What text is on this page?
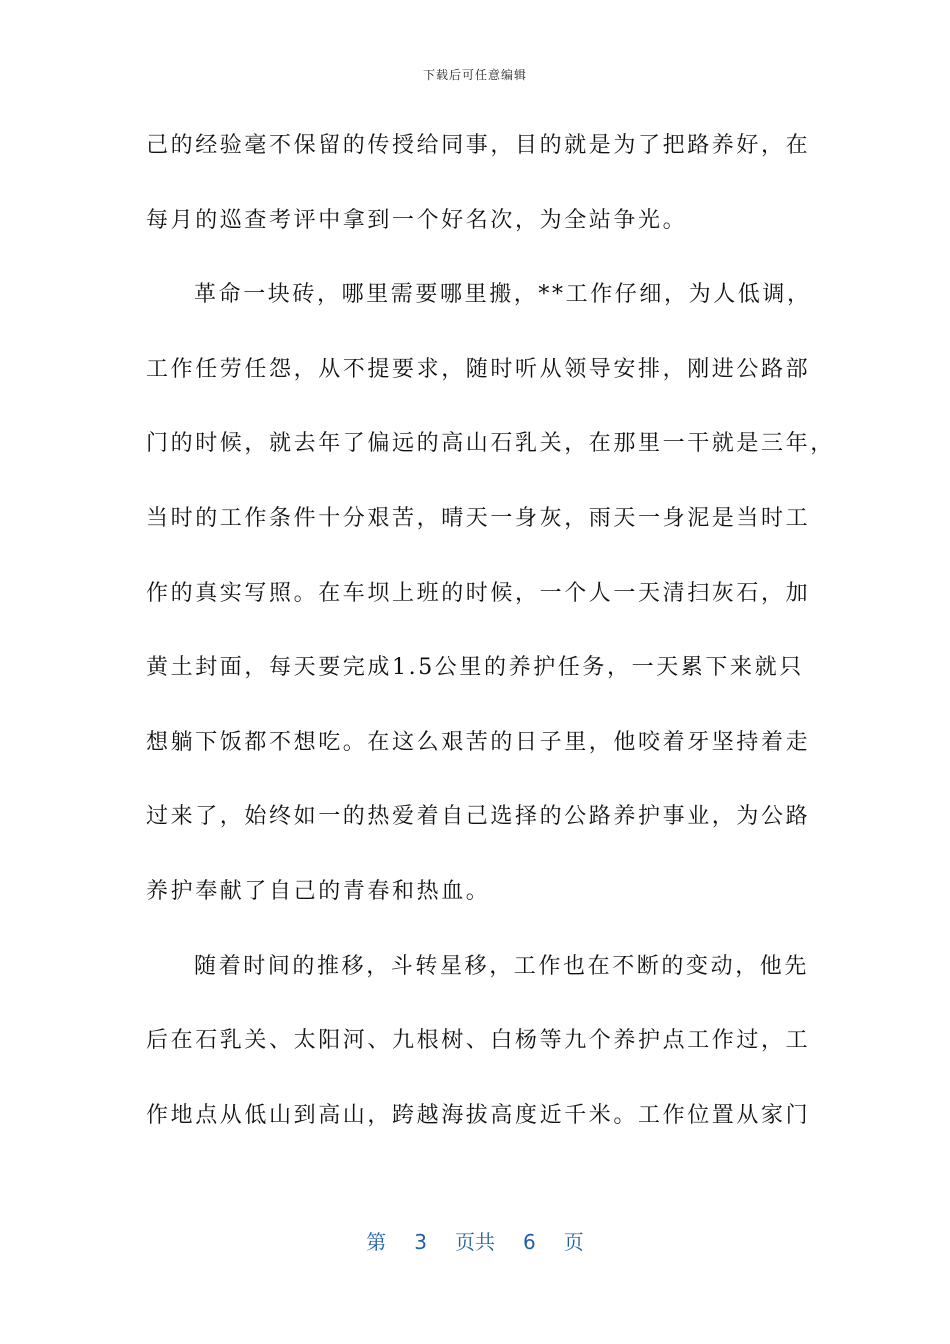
下载后可任意编辑
己的经验毫不保留的传授给同事，目的就是为了把路养好，在
每月的巡查考评中拿到一个好名次，为全站争光。
革命一块砖，哪里需要哪里搬，**工作仔细，为人低调，
工作任劳任怨，从不提要求，随时听从领导安排，刚进公路部
门的时候，就去年了偏远的高山石乳关，在那里一干就是三年，
当时的工作条件十分艰苦，晴天一身灰，雨天一身泥是当时工
作的真实写照。在车坝上班的时候，一个人一天清扫灰石，加
黄土封面，每天要完成1.5公里的养护任务，一天累下来就只
想躺下饭都不想吃。在这么艰苦的日子里，他咬着牙坚持着走
过来了，始终如一的热爱着自己选择的公路养护事业，为公路
养护奉献了自己的青春和热血。
随着时间的推移，斗转星移，工作也在不断的变动，他先
后在石乳关、太阳河、九根树、白杨等九个养护点工作过，工
作地点从低山到高山，跨越海拔高度近千米。工作位置从家门
第 3 页共 6 页
